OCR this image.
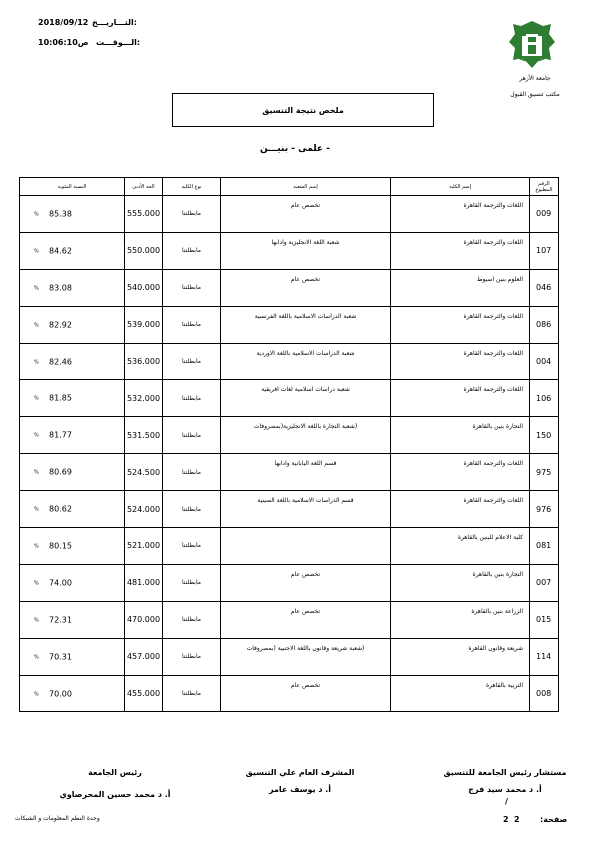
التـــاريـــخ:
2018/09/12
الـــوقـــت:
10:06:10ص
جامعة الأزهر
مكتب تنسيق القبول
ملخص نتيجة التنسيق
- علمى - بنيـــن
النسبة المئوية	الحد الأدنى	نوع الكلية	إسم الشعبة	إسم الكلية	الرقم المطبوع

% 85.38	555.000	مابطلتنا	تخصص عام	اللغات والترجمة القاهرة	009

% 84.62	550.000	مابطلتنا	شعبة اللغة الانجليزية وادابها	اللغات والترجمة القاهرة	107

% 83.08	540.000	مابطلتنا	تخصص عام	العلوم بنين اسيوط	046

% 82.92	539.000	مابطلتنا	شعبة الدراسات الاسلامية باللغة الفرنسية	اللغات والترجمة القاهرة	086

% 82.46	536.000	مابطلتنا	شعبة الدراسات الاسلامية باللغة الاوردية	اللغات والترجمة القاهرة	004

% 81.85	532.000	مابطلتنا	شعبة دراسات اسلامية لغات افريقية	اللغات والترجمة القاهرة	106

% 81.77	531.500	مابطلتنا	(شعبة التجارة باللغة الانجليزية(بمصروفات	التجارة بنين بالقاهرة	150

% 80.69	524.500	مابطلتنا	قسم اللغة اليابانية وادابها	اللغات والترجمة القاهرة	975

% 80.62	524.000	مابطلتنا	قسم الدراسات الاسلامية باللغة الصينية	اللغات والترجمة القاهرة	976

% 80.15	521.000	مابطلتنا		كلية الاعلام للبنين بالقاهرة	081

% 74.00	481.000	مابطلتنا	تخصص عام	التجارة بنين بالقاهرة	007

% 72.31	470.000	مابطلتنا	تخصص عام	الزراعة بنين بالقاهرة	015

% 70.31	457.000	مابطلتنا	(شعبة شريعة وقانون باللغة الاجنبية (بمصروفات	شريعة وقانون القاهرة	114

% 70.00	455.000	مابطلتنا	تخصص عام	التربية بالقاهرة	008
مستشار رئيس الجامعة للتنسيق
أ. د محمد سيد فرج
المشرف العام علي التنسيق
أ. د يوسف عامر
رئيس الجامعة
أ. د محمد حسين المحرصاوي
/
صفحة:
2
2
وحدة النظم المعلومات و الشبكات
